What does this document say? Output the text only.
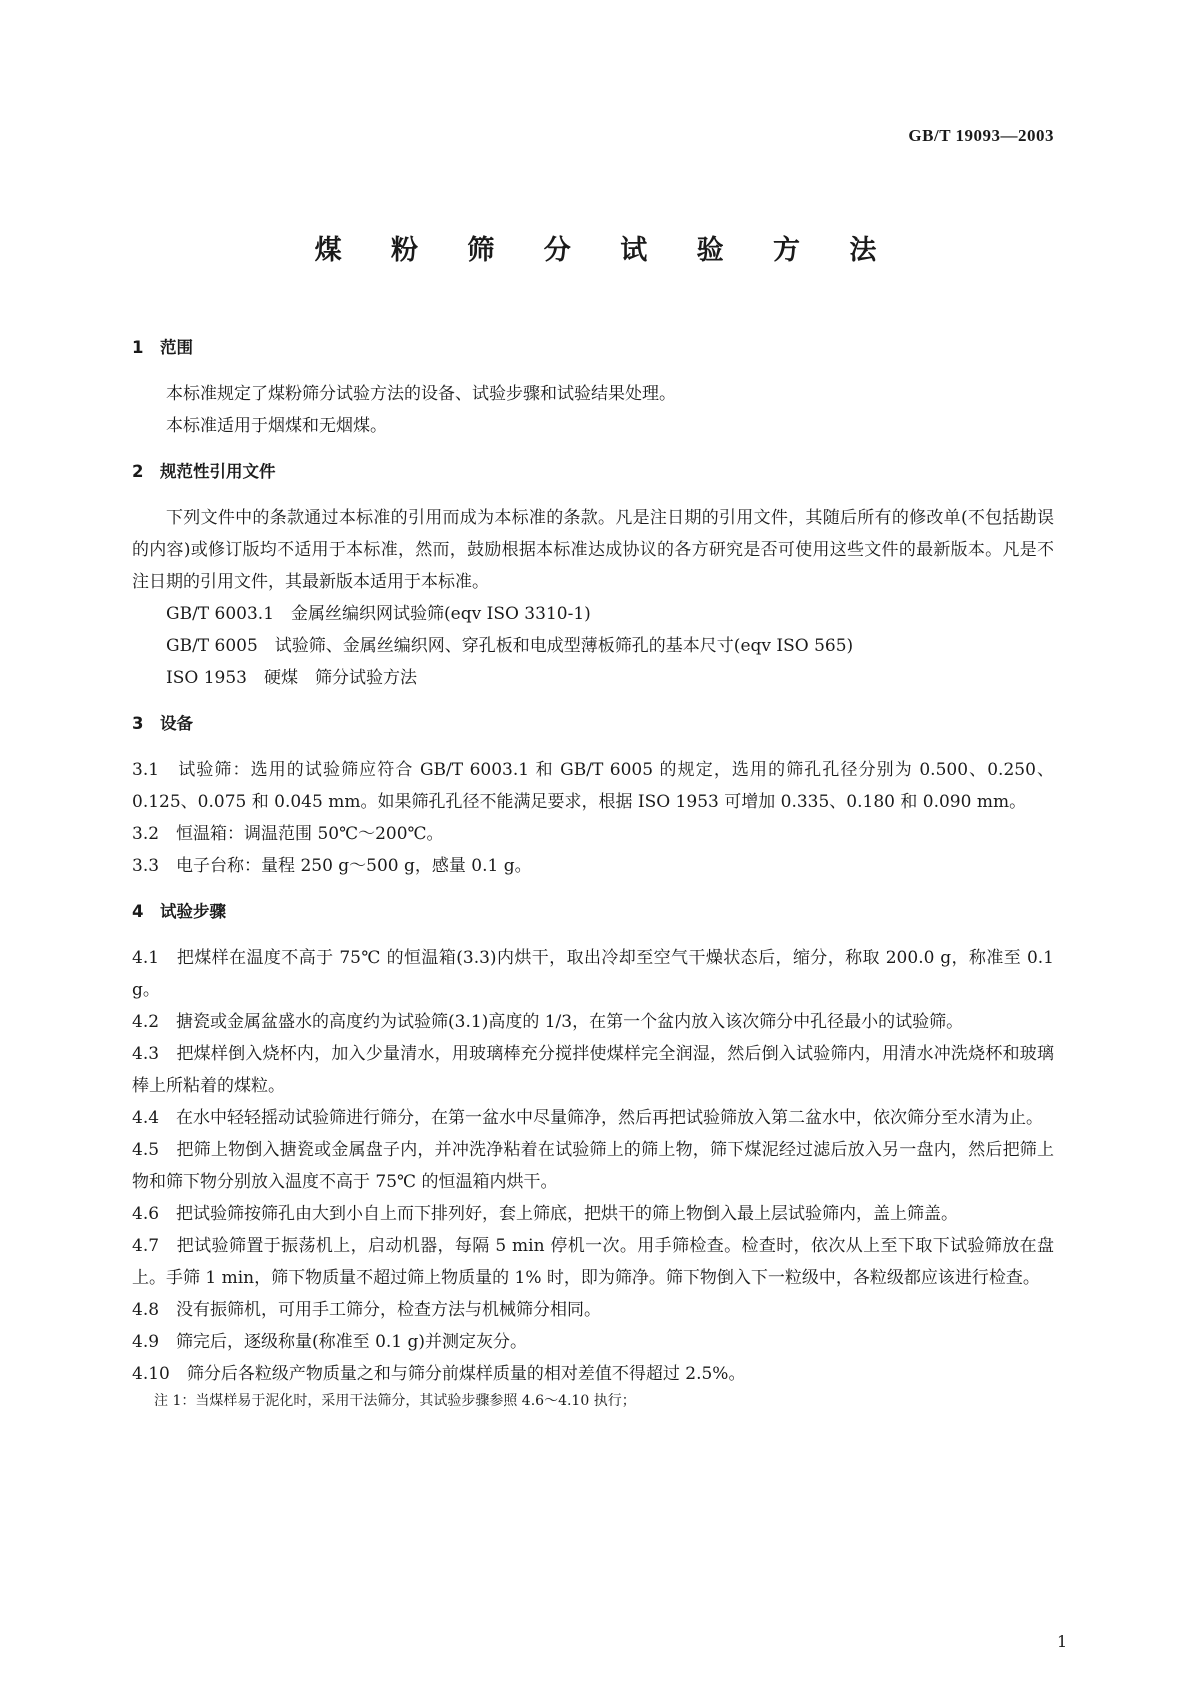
GB/T 19093—2003
煤 粉 筛 分 试 验 方 法

1 范围

本标准规定了煤粉筛分试验方法的设备、试验步骤和试验结果处理。

本标准适用于烟煤和无烟煤。

2 规范性引用文件

下列文件中的条款通过本标准的引用而成为本标准的条款。凡是注日期的引用文件，其随后所有的修改单(不包括勘误的内容)或修订版均不适用于本标准，然而，鼓励根据本标准达成协议的各方研究是否可使用这些文件的最新版本。凡是不注日期的引用文件，其最新版本适用于本标准。

GB/T 6003.1　金属丝编织网试验筛(eqv ISO 3310-1)

GB/T 6005　试验筛、金属丝编织网、穿孔板和电成型薄板筛孔的基本尺寸(eqv ISO 565)

ISO 1953　硬煤　筛分试验方法

3 设备

3.1　试验筛：选用的试验筛应符合 GB/T 6003.1 和 GB/T 6005 的规定，选用的筛孔孔径分别为 0.500、0.250、0.125、0.075 和 0.045 mm。如果筛孔孔径不能满足要求，根据 ISO 1953 可增加 0.335、0.180 和 0.090 mm。

3.2　恒温箱：调温范围 50℃～200℃。

3.3　电子台称：量程 250 g～500 g，感量 0.1 g。

4 试验步骤

4.1　把煤样在温度不高于 75℃ 的恒温箱(3.3)内烘干，取出冷却至空气干燥状态后，缩分，称取 200.0 g，称准至 0.1 g。

4.2　搪瓷或金属盆盛水的高度约为试验筛(3.1)高度的 1/3，在第一个盆内放入该次筛分中孔径最小的试验筛。

4.3　把煤样倒入烧杯内，加入少量清水，用玻璃棒充分搅拌使煤样完全润湿，然后倒入试验筛内，用清水冲洗烧杯和玻璃棒上所粘着的煤粒。

4.4　在水中轻轻摇动试验筛进行筛分，在第一盆水中尽量筛净，然后再把试验筛放入第二盆水中，依次筛分至水清为止。

4.5　把筛上物倒入搪瓷或金属盘子内，并冲洗净粘着在试验筛上的筛上物，筛下煤泥经过滤后放入另一盘内，然后把筛上物和筛下物分别放入温度不高于 75℃ 的恒温箱内烘干。

4.6　把试验筛按筛孔由大到小自上而下排列好，套上筛底，把烘干的筛上物倒入最上层试验筛内，盖上筛盖。

4.7　把试验筛置于振荡机上，启动机器，每隔 5 min 停机一次。用手筛检查。检查时，依次从上至下取下试验筛放在盘上。手筛 1 min，筛下物质量不超过筛上物质量的 1% 时，即为筛净。筛下物倒入下一粒级中，各粒级都应该进行检查。

4.8　没有振筛机，可用手工筛分，检查方法与机械筛分相同。

4.9　筛完后，逐级称量(称准至 0.1 g)并测定灰分。

4.10　筛分后各粒级产物质量之和与筛分前煤样质量的相对差值不得超过 2.5%。

注 1：当煤样易于泥化时，采用干法筛分，其试验步骤参照 4.6～4.10 执行；

1
